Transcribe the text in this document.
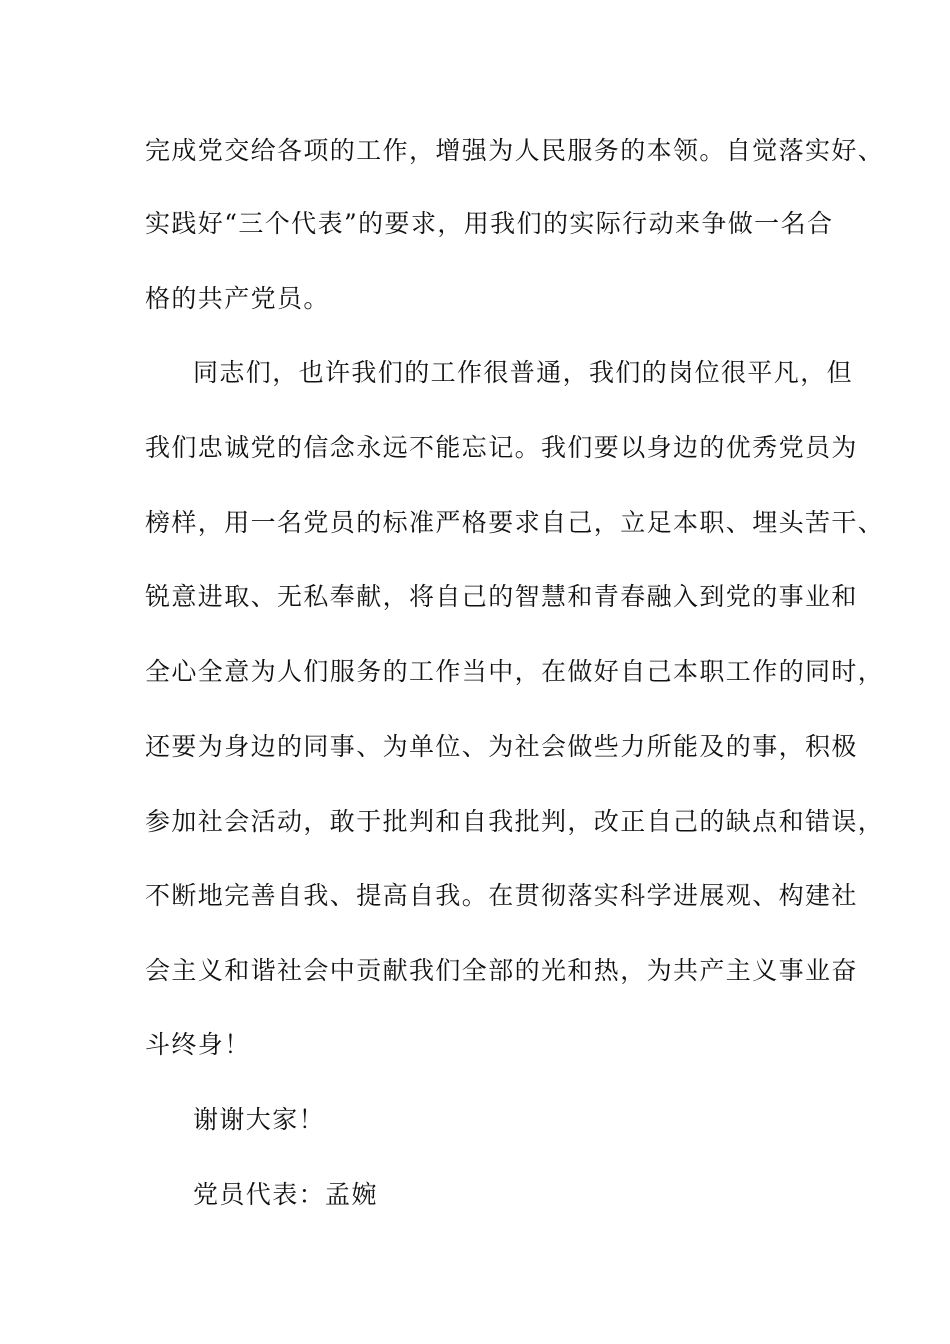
完成党交给各项的工作，增强为人民服务的本领。自觉落实好、
实践好“三个代表”的要求，用我们的实际行动来争做一名合
格的共产党员。
同志们，也许我们的工作很普通，我们的岗位很平凡，但
我们忠诚党的信念永远不能忘记。我们要以身边的优秀党员为
榜样，用一名党员的标准严格要求自己，立足本职、埋头苦干、
锐意进取、无私奉献，将自己的智慧和青春融入到党的事业和
全心全意为人们服务的工作当中，在做好自己本职工作的同时，
还要为身边的同事、为单位、为社会做些力所能及的事，积极
参加社会活动，敢于批判和自我批判，改正自己的缺点和错误，
不断地完善自我、提高自我。在贯彻落实科学进展观、构建社
会主义和谐社会中贡献我们全部的光和热，为共产主义事业奋
斗终身！
谢谢大家！
党员代表：孟婉
